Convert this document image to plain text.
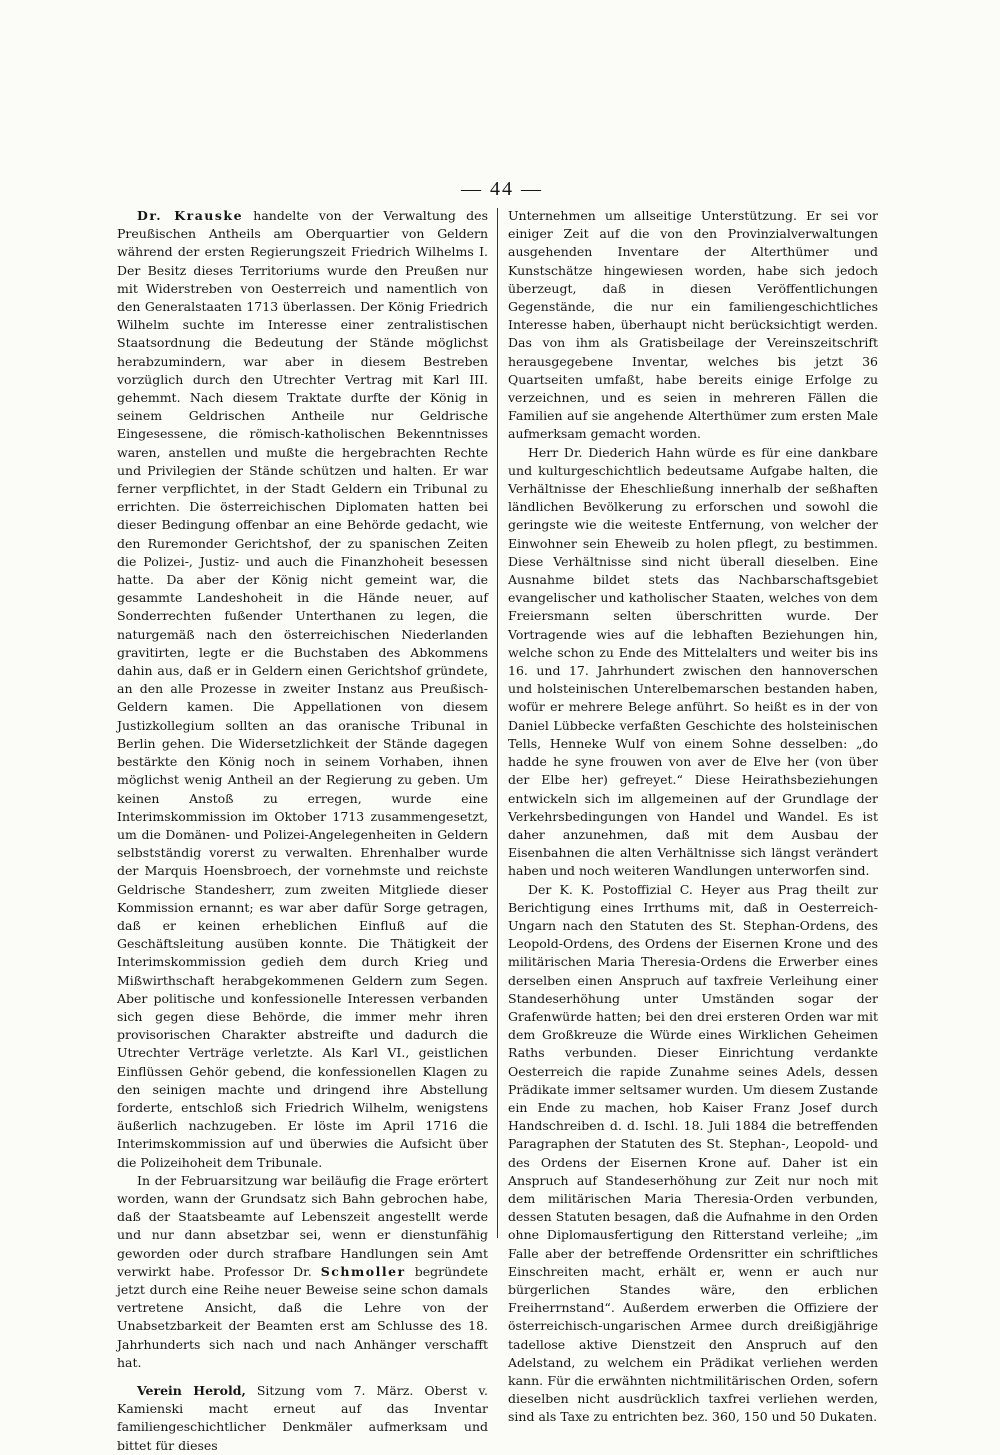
— 44 —

Dr. Krauske handelte von der Verwaltung des Preußischen Antheils am Oberquartier von Geldern während der ersten Regierungszeit Friedrich Wilhelms I. Der Besitz dieses Territoriums wurde den Preußen nur mit Widerstreben von Oesterreich und namentlich von den Generalstaaten 1713 überlassen. Der König Friedrich Wilhelm suchte im Interesse einer zentralistischen Staatsordnung die Bedeutung der Stände möglichst herabzumindern, war aber in diesem Bestreben vorzüglich durch den Utrechter Vertrag mit Karl III. gehemmt. Nach diesem Traktate durfte der König in seinem Geldrischen Antheile nur Geldrische Eingesessene, die römisch-katholischen Bekenntnisses waren, anstellen und mußte die hergebrachten Rechte und Privilegien der Stände schützen und halten. Er war ferner verpflichtet, in der Stadt Geldern ein Tribunal zu errichten. Die österreichischen Diplomaten hatten bei dieser Bedingung offenbar an eine Behörde gedacht, wie den Ruremonder Gerichtshof, der zu spanischen Zeiten die Polizei-, Justiz- und auch die Finanzhoheit besessen hatte. Da aber der König nicht gemeint war, die gesammte Landeshoheit in die Hände neuer, auf Sonderrechten fußender Unterthanen zu legen, die naturgemäß nach den österreichischen Niederlanden gravitirten, legte er die Buchstaben des Abkommens dahin aus, daß er in Geldern einen Gerichtshof gründete, an den alle Prozesse in zweiter Instanz aus Preußisch-Geldern kamen. Die Appellationen von diesem Justizkollegium sollten an das oranische Tribunal in Berlin gehen. Die Widersetzlichkeit der Stände dagegen bestärkte den König noch in seinem Vorhaben, ihnen möglichst wenig Antheil an der Regierung zu geben. Um keinen Anstoß zu erregen, wurde eine Interimskommission im Oktober 1713 zusammengesetzt, um die Domänen- und Polizei-Angelegenheiten in Geldern selbstständig vorerst zu verwalten. Ehrenhalber wurde der Marquis Hoensbroech, der vornehmste und reichste Geldrische Standesherr, zum zweiten Mitgliede dieser Kommission ernannt; es war aber dafür Sorge getragen, daß er keinen erheblichen Einfluß auf die Geschäftsleitung ausüben konnte. Die Thätigkeit der Interimskommission gedieh dem durch Krieg und Mißwirthschaft herabgekommenen Geldern zum Segen. Aber politische und konfessionelle Interessen verbanden sich gegen diese Behörde, die immer mehr ihren provisorischen Charakter abstreifte und dadurch die Utrechter Verträge verletzte. Als Karl VI., geistlichen Einflüssen Gehör gebend, die konfessionellen Klagen zu den seinigen machte und dringend ihre Abstellung forderte, entschloß sich Friedrich Wilhelm, wenigstens äußerlich nachzugeben. Er löste im April 1716 die Interimskommission auf und überwies die Aufsicht über die Polizeihoheit dem Tribunale.

In der Februarsitzung war beiläufig die Frage erörtert worden, wann der Grundsatz sich Bahn gebrochen habe, daß der Staatsbeamte auf Lebenszeit angestellt werde und nur dann absetzbar sei, wenn er dienstunfähig geworden oder durch strafbare Handlungen sein Amt verwirkt habe. Professor Dr. Schmoller begründete jetzt durch eine Reihe neuer Beweise seine schon damals vertretene Ansicht, daß die Lehre von der Unabsetzbarkeit der Beamten erst am Schlusse des 18. Jahrhunderts sich nach und nach Anhänger verschafft hat.

Verein Herold, Sitzung vom 7. März. Oberst v. Kamienski macht erneut auf das Inventar familiengeschichtlicher Denkmäler aufmerksam und bittet für dieses

Unternehmen um allseitige Unterstützung. Er sei vor einiger Zeit auf die von den Provinzialverwaltungen ausgehenden Inventare der Alterthümer und Kunstschätze hingewiesen worden, habe sich jedoch überzeugt, daß in diesen Veröffentlichungen Gegenstände, die nur ein familiengeschichtliches Interesse haben, überhaupt nicht berücksichtigt werden. Das von ihm als Gratisbeilage der Vereinszeitschrift herausgegebene Inventar, welches bis jetzt 36 Quartseiten umfaßt, habe bereits einige Erfolge zu verzeichnen, und es seien in mehreren Fällen die Familien auf sie angehende Alterthümer zum ersten Male aufmerksam gemacht worden.

Herr Dr. Diederich Hahn würde es für eine dankbare und kulturgeschichtlich bedeutsame Aufgabe halten, die Verhältnisse der Eheschließung innerhalb der seßhaften ländlichen Bevölkerung zu erforschen und sowohl die geringste wie die weiteste Entfernung, von welcher der Einwohner sein Eheweib zu holen pflegt, zu bestimmen. Diese Verhältnisse sind nicht überall dieselben. Eine Ausnahme bildet stets das Nachbarschaftsgebiet evangelischer und katholischer Staaten, welches von dem Freiersmann selten überschritten wurde. Der Vortragende wies auf die lebhaften Beziehungen hin, welche schon zu Ende des Mittelalters und weiter bis ins 16. und 17. Jahrhundert zwischen den hannoverschen und holsteinischen Unterelbemarschen bestanden haben, wofür er mehrere Belege anführt. So heißt es in der von Daniel Lübbecke verfaßten Geschichte des holsteinischen Tells, Henneke Wulf von einem Sohne desselben: „do hadde he syne frouwen von aver de Elve her (von über der Elbe her) gefreyet.“ Diese Heirathsbeziehungen entwickeln sich im allgemeinen auf der Grundlage der Verkehrsbedingungen von Handel und Wandel. Es ist daher anzunehmen, daß mit dem Ausbau der Eisenbahnen die alten Verhältnisse sich längst verändert haben und noch weiteren Wandlungen unterworfen sind.

Der K. K. Postoffizial C. Heyer aus Prag theilt zur Berichtigung eines Irrthums mit, daß in Oesterreich-Ungarn nach den Statuten des St. Stephan-Ordens, des Leopold-Ordens, des Ordens der Eisernen Krone und des militärischen Maria Theresia-Ordens die Erwerber eines derselben einen Anspruch auf taxfreie Verleihung einer Standeserhöhung unter Umständen sogar der Grafenwürde hatten; bei den drei ersteren Orden war mit dem Großkreuze die Würde eines Wirklichen Geheimen Raths verbunden. Dieser Einrichtung verdankte Oesterreich die rapide Zunahme seines Adels, dessen Prädikate immer seltsamer wurden. Um diesem Zustande ein Ende zu machen, hob Kaiser Franz Josef durch Handschreiben d. d. Ischl. 18. Juli 1884 die betreffenden Paragraphen der Statuten des St. Stephan-, Leopold- und des Ordens der Eisernen Krone auf. Daher ist ein Anspruch auf Standeserhöhung zur Zeit nur noch mit dem militärischen Maria Theresia-Orden verbunden, dessen Statuten besagen, daß die Aufnahme in den Orden ohne Diplomausfertigung den Ritterstand verleihe; „im Falle aber der betreffende Ordensritter ein schriftliches Einschreiten macht, erhält er, wenn er auch nur bürgerlichen Standes wäre, den erblichen Freiherrnstand“. Außerdem erwerben die Offiziere der österreichisch-ungarischen Armee durch dreißigjährige tadellose aktive Dienstzeit den Anspruch auf den Adelstand, zu welchem ein Prädikat verliehen werden kann. Für die erwähnten nichtmilitärischen Orden, sofern dieselben nicht ausdrücklich taxfrei verliehen werden, sind als Taxe zu entrichten bez. 360, 150 und 50 Dukaten.
